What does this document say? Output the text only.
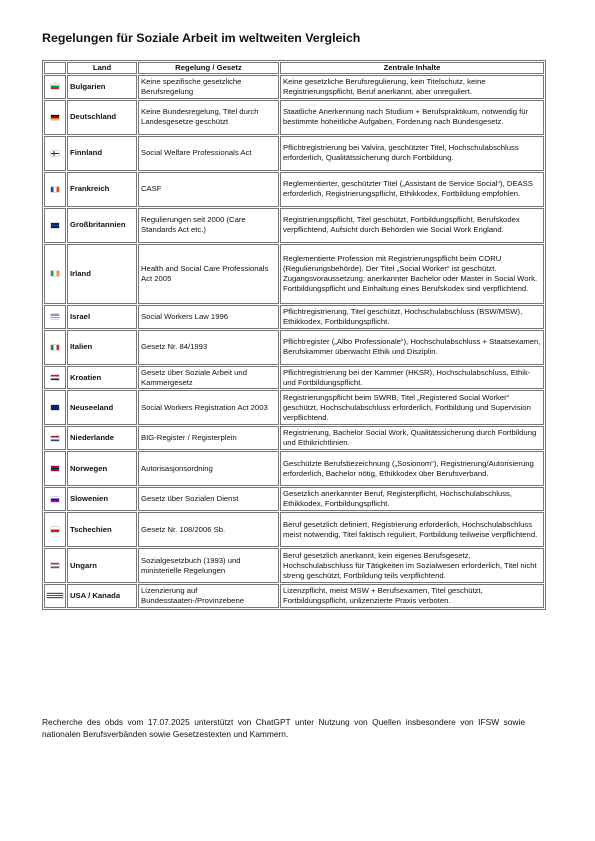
Regelungen für Soziale Arbeit im weltweiten Vergleich
	Land	Regelung / Gesetz	Zentrale Inhalte
	Bulgarien	Keine spezifische gesetzliche Berufsregelung	Keine gesetzliche Berufsregulierung, kein Titelschutz, keine Registrierungspflicht, Beruf anerkannt, aber unreguliert.
	Deutschland	Keine Bundesregelung, Titel durch Landesgesetze geschützt	Staatliche Anerkennung nach Studium + Berufspraktikum, notwendig für bestimmte hoheitliche Aufgaben, Forderung nach Bundesgesetz.
	Finnland	Social Welfare Professionals Act	Pflichtregistrierung bei Valvira, geschützter Titel, Hochschulabschluss erforderlich, Qualitätssicherung durch Fortbildung.
	Frankreich	CASF	Reglementierter, geschützter Titel („Assistant de Service Social“), DEASS erforderlich, Registrierungspflicht, Ethikkodex, Fortbildung empfohlen.
	Großbritannien	Regulierungen seit 2000 (Care Standards Act etc.)	Registrierungspflicht, Titel geschützt, Fortbildungspflicht, Berufskodex verpflichtend, Aufsicht durch Behörden wie Social Work England.
	Irland	Health and Social Care Professionals Act 2005	Reglementierte Profession mit Registrierungspflicht beim CORU (Regulierungsbehörde). Der Titel „Social Worker“ ist geschützt. Zugangsvoraussetzung: anerkannter Bachelor oder Master in Social Work. Fortbildungspflicht und Einhaltung eines Berufskodex sind verpflichtend.
	Israel	Social Workers Law 1996	Pflichtregistrierung, Titel geschützt, Hochschulabschluss (BSW/MSW), Ethikkodex, Fortbildungspflicht.
	Italien	Gesetz Nr. 84/1993	Pflichtregister („Albo Professionale“), Hochschulabschluss + Staatsexamen, Berufskammer überwacht Ethik und Disziplin.
	Kroatien	Gesetz über Soziale Arbeit und Kammergesetz	Pflichtregistrierung bei der Kammer (HKSR), Hochschulabschluss, Ethik- und Fortbildungspflicht.
	Neuseeland	Social Workers Registration Act 2003	Registrierungspflicht beim SWRB, Titel „Registered Social Worker“ geschützt, Hochschulabschluss erforderlich, Fortbildung und Supervision verpflichtend.
	Niederlande	BIG-Register / Registerplein	Registrierung, Bachelor Social Work, Qualitätssicherung durch Fortbildung und Ethikrichtlinien.
	Norwegen	Autorisasjonsordning	Geschützte Berufsbezeichnung („Sosionom“), Registrierung/Autorisierung erforderlich, Bachelor nötig, Ethikkodex über Berufsverband.
	Slowenien	Gesetz über Sozialen Dienst	Gesetzlich anerkannter Beruf, Registerpflicht, Hochschulabschluss, Ethikkodex, Fortbildungspflicht.
	Tschechien	Gesetz Nr. 108/2006 Sb.	Beruf gesetzlich definiert, Registrierung erforderlich, Hochschulabschluss meist notwendig, Titel faktisch reguliert, Fortbildung teilweise verpflichtend.
	Ungarn	Sozialgesetzbuch (1993) und ministerielle Regelungen	Beruf gesetzlich anerkannt, kein eigenes Berufsgesetz, Hochschulabschluss für Tätigkeiten im Sozialwesen erforderlich, Titel nicht streng geschützt, Fortbildung teils verpflichtend.
	USA / Kanada	Lizenzierung auf Bundesstaaten-/Provinzebene	Lizenzpflicht, meist MSW + Berufsexamen, Titel geschützt, Fortbildungspflicht, unlizenzierte Praxis verboten.

Recherche des obds vom 17.07.2025 unterstützt von ChatGPT unter Nutzung von Quellen insbesondere von IFSW sowie nationalen Berufsverbänden sowie Gesetzestexten und Kammern.
